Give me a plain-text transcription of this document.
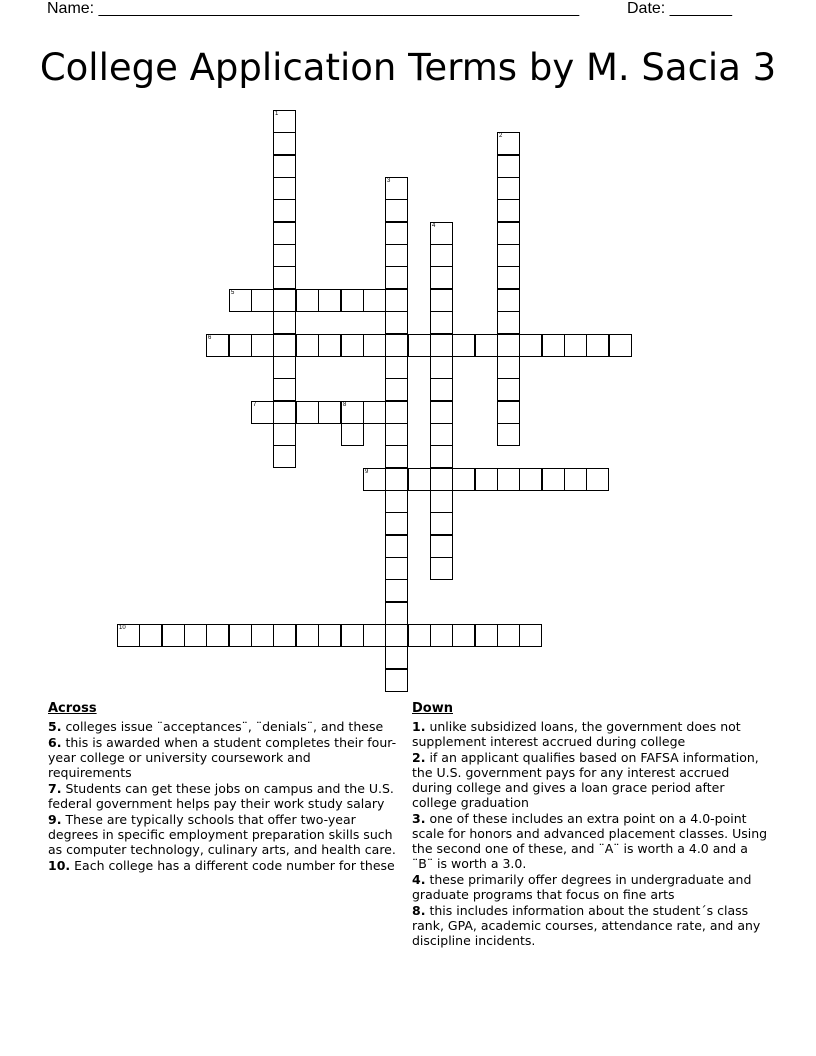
Name: ______________________________________________________	Date: _______
College Application Terms by M. Sacia 3
1
2
3
4
5
6
7	8
9
10
Across
5. colleges issue ¨acceptances¨, ¨denials¨, and these
6. this is awarded when a student completes their four-year college or university coursework and requirements
7. Students can get these jobs on campus and the U.S. federal government helps pay their work study salary
9. These are typically schools that offer two-year degrees in specific employment preparation skills such as computer technology, culinary arts, and health care.
10. Each college has a different code number for these
Down
1. unlike subsidized loans, the government does not supplement interest accrued during college
2. if an applicant qualifies based on FAFSA information, the U.S. government pays for any interest accrued during college and gives a loan grace period after college graduation
3. one of these includes an extra point on a 4.0-point scale for honors and advanced placement classes. Using the second one of these, and ¨A¨ is worth a 4.0 and a ¨B¨ is worth a 3.0.
4. these primarily offer degrees in undergraduate and graduate programs that focus on fine arts
8. this includes information about the student´s class rank, GPA, academic courses, attendance rate, and any discipline incidents.
